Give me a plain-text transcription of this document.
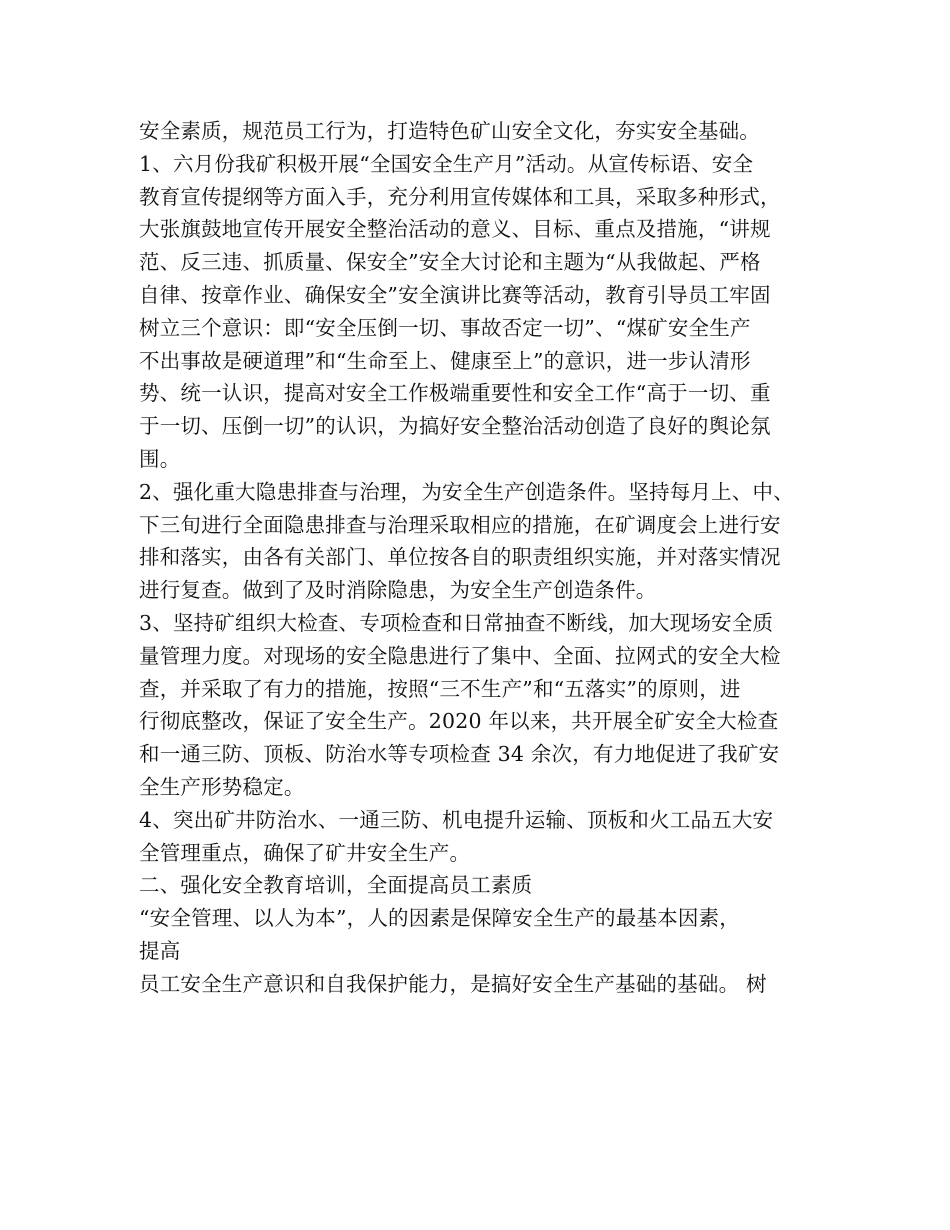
安全素质，规范员工行为，打造特色矿山安全文化，夯实安全基础。
1、六月份我矿积极开展“全国安全生产月”活动。从宣传标语、安全
教育宣传提纲等方面入手，充分利用宣传媒体和工具，采取多种形式，
大张旗鼓地宣传开展安全整治活动的意义、目标、重点及措施，“讲规
范、反三违、抓质量、保安全”安全大讨论和主题为“从我做起、严格
自律、按章作业、确保安全”安全演讲比赛等活动，教育引导员工牢固
树立三个意识：即“安全压倒一切、事故否定一切”、“煤矿安全生产
不出事故是硬道理”和“生命至上、健康至上”的意识，进一步认清形
势、统一认识，提高对安全工作极端重要性和安全工作“高于一切、重
于一切、压倒一切”的认识，为搞好安全整治活动创造了良好的舆论氛
围。
2、强化重大隐患排查与治理，为安全生产创造条件。坚持每月上、中、
下三旬进行全面隐患排查与治理采取相应的措施，在矿调度会上进行安
排和落实，由各有关部门、单位按各自的职责组织实施，并对落实情况
进行复查。做到了及时消除隐患，为安全生产创造条件。
3、坚持矿组织大检查、专项检查和日常抽查不断线，加大现场安全质
量管理力度。对现场的安全隐患进行了集中、全面、拉网式的安全大检
查，并采取了有力的措施，按照“三不生产”和“五落实”的原则，进
行彻底整改，保证了安全生产。2020 年以来，共开展全矿安全大检查
和一通三防、顶板、防治水等专项检查 34 余次，有力地促进了我矿安
全生产形势稳定。
4、突出矿井防治水、一通三防、机电提升运输、顶板和火工品五大安
全管理重点，确保了矿井安全生产。
二、强化安全教育培训，全面提高员工素质
“安全管理、以人为本”，人的因素是保障安全生产的最基本因素，
提高
员工安全生产意识和自我保护能力，是搞好安全生产基础的基础。 树
